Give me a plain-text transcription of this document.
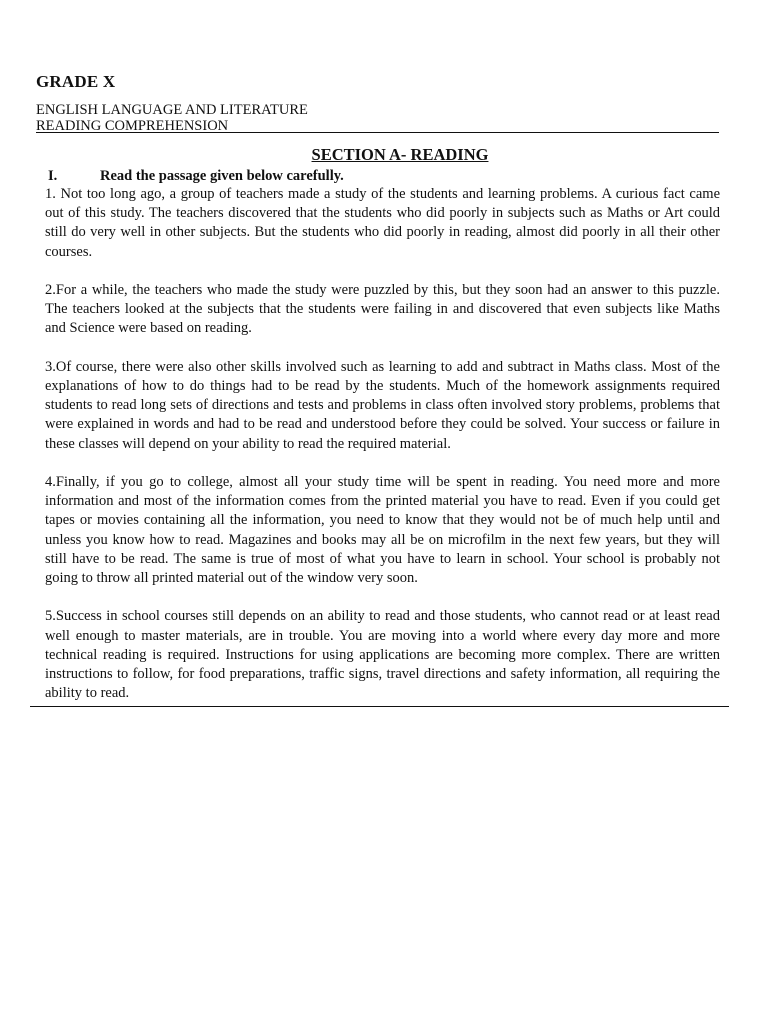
GRADE X
ENGLISH LANGUAGE AND LITERATURE
READING COMPREHENSION
SECTION A- READING
I.	Read the passage given below carefully.

1. Not too long ago, a group of teachers made a study of the students and learning problems. A curious fact came out of this study. The teachers discovered that the students who did poorly in subjects such as Maths or Art could still do very well in other subjects. But the students who did poorly in reading, almost did poorly in all their other courses.

2.For a while, the teachers who made the study were puzzled by this, but they soon had an answer to this puzzle. The teachers looked at the subjects that the students were failing in and discovered that even subjects like Maths and Science were based on reading.

3.Of course, there were also other skills involved such as learning to add and subtract in Maths class. Most of the explanations of how to do things had to be read by the students. Much of the homework assignments required students to read long sets of directions and tests and problems in class often involved story problems, problems that were explained in words and had to be read and understood before they could be solved. Your success or failure in these classes will depend on your ability to read the required material.

4.Finally, if you go to college, almost all your study time will be spent in reading. You need more and more information and most of the information comes from the printed material you have to read. Even if you could get tapes or movies containing all the information, you need to know that they would not be of much help until and unless you know how to read. Magazines and books may all be on microfilm in the next few years, but they will still have to be read. The same is true of most of what you have to learn in school. Your school is probably not going to throw all printed material out of the window very soon.

5.Success in school courses still depends on an ability to read and those students, who cannot read or at least read well enough to master materials, are in trouble. You are moving into a world where every day more and more technical reading is required. Instructions for using applications are becoming more complex. There are written instructions to follow, for food preparations, traffic signs, travel directions and safety information, all requiring the ability to read.
